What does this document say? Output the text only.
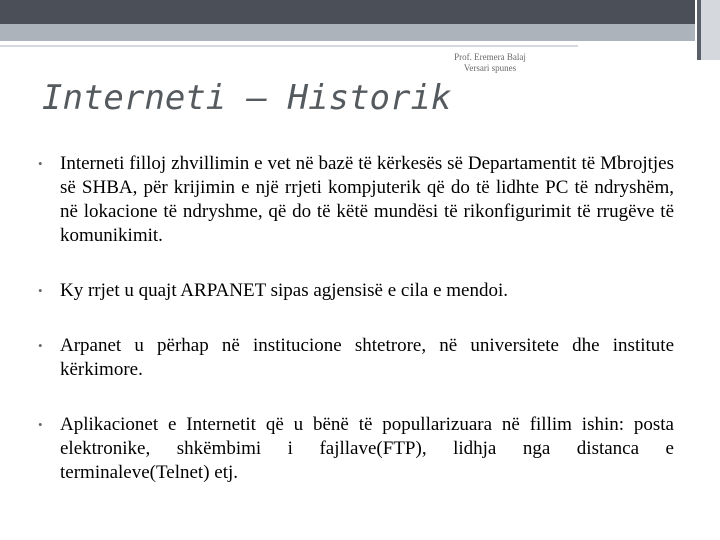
Prof. Eremera Balaj
Versari spunes
Interneti – Historik
• Interneti filloj zhvillimin e vet në bazë të kërkesës së Departamentit të Mbrojtjes së SHBA, për krijimin e një rrjeti kompjuterik që do të lidhte PC të ndryshëm, në lokacione të ndryshme, që do të këtë mundësi të rikonfigurimit të rrugëve të komunikimit.
• Ky rrjet u quajt ARPANET sipas agjensisë e cila e mendoi.
• Arpanet u përhap në institucione shtetrore, në universitete dhe institute kërkimore.
• Aplikacionet e Internetit që u bënë të popullarizuara në fillim ishin: posta elektronike, shkëmbimi i fajllave(FTP), lidhja nga distanca e terminaleve(Telnet) etj.
